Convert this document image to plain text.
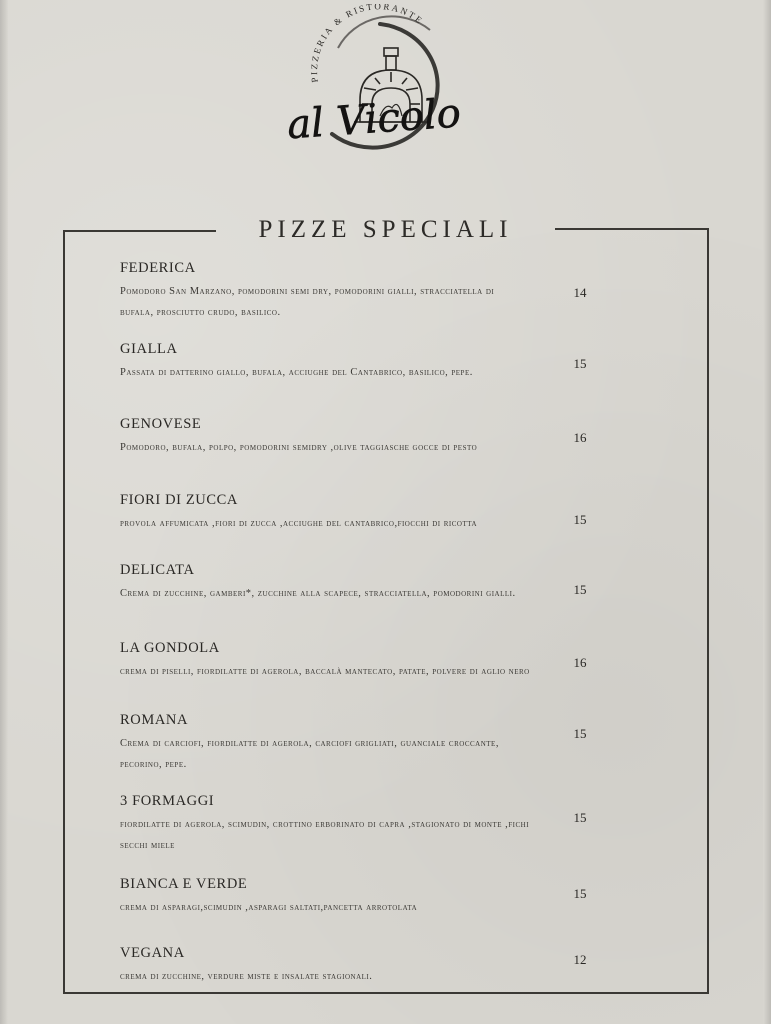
PIZZERIA & RISTORANTE
al Vicolo
PIZZE SPECIALI
FEDERICA

Pomodoro San Marzano, pomodorini semi dry, pomodorini gialli, stracciatella di bufala, prosciutto crudo, basilico.

14
GIALLA

Passata di datterino giallo, bufala, acciughe del Cantabrico, basilico, pepe.

15
GENOVESE

Pomodoro, bufala, polpo, pomodorini semidry ,olive taggiasche gocce di pesto

16
FIORI DI ZUCCA

provola affumicata ,fiori di zucca ,acciughe del cantabrico,fiocchi di ricotta	15
DELICATA

Crema di zucchine, gamberi*, zucchine alla scapece, stracciatella, pomodorini gialli.	15
LA GONDOLA

crema di piselli, fiordilatte di agerola, baccalà mantecato, patate, polvere di aglio nero

16
ROMANA

Crema di carciofi, fiordilatte di agerola, carciofi grigliati, guanciale croccante, pecorino, pepe.

15
3 FORMAGGI

fiordilatte di agerola, scimudin, crottino erborinato di capra ,stagionato di monte ,fichi secchi miele

15
BIANCA E VERDE

crema di asparagi,scimudin ,asparagi saltati,pancetta arrotolata

15
VEGANA

crema di zucchine, verdure miste e insalate stagionali.

12
